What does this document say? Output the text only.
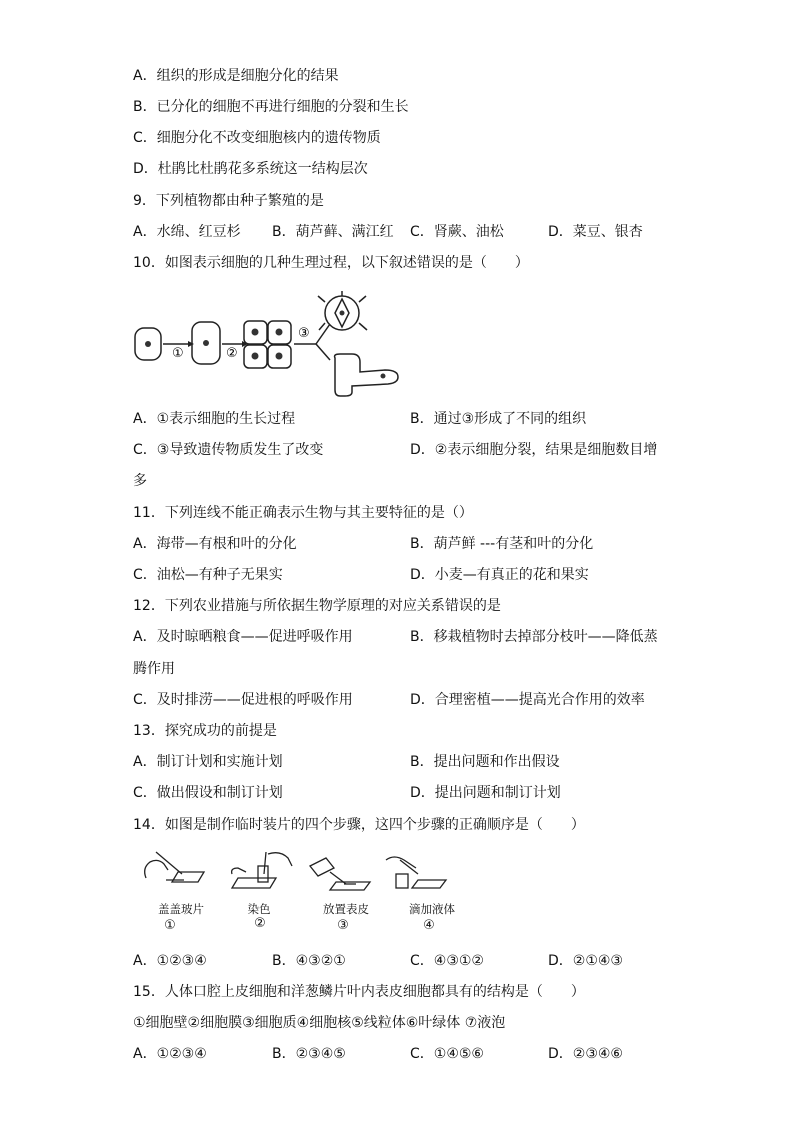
A．组织的形成是细胞分化的结果
B．已分化的细胞不再进行细胞的分裂和生长
C．细胞分化不改变细胞核内的遗传物质
D．杜鹃比杜鹃花多系统这一结构层次
9．下列植物都由种子繁殖的是
A．水绵、红豆杉 B．葫芦藓、满江红 C．肾蕨、油松	D．菜豆、银杏
10．如图表示细胞的几种生理过程，以下叙述错误的是（　　）
①	②
③
A．①表示细胞的生长过程	B．通过③形成了不同的组织
C．③导致遗传物质发生了改变	D．②表示细胞分裂，结果是细胞数目增
多
11．下列连线不能正确表示生物与其主要特征的是（）
A．海带—有根和叶的分化	B．葫芦鲜 ---有茎和叶的分化
C．油松—有种子无果实	D．小麦—有真正的花和果实
12．下列农业措施与所依据生物学原理的对应关系错误的是
A．及时晾晒粮食——促进呼吸作用	B．移栽植物时去掉部分枝叶——降低蒸
腾作用
C．及时排涝——促进根的呼吸作用	D．合理密植——提高光合作用的效率
13．探究成功的前提是
A．制订计划和实施计划	B．提出问题和作出假设
C．做出假设和制订计划	D．提出问题和制订计划
14．如图是制作临时装片的四个步骤，这四个步骤的正确顺序是（　　）
盖盖玻片	染色	放置表皮	滴加液体
①	②	③	④
A．①②③④	B．④③②①	C．④③①②	D．②①④③
15．人体口腔上皮细胞和洋葱鳞片叶内表皮细胞都具有的结构是（　　）
①细胞壁②细胞膜③细胞质④细胞核⑤线粒体⑥叶绿体 ⑦液泡
A．①②③④	B．②③④⑤	C．①④⑤⑥	D．②③④⑥
